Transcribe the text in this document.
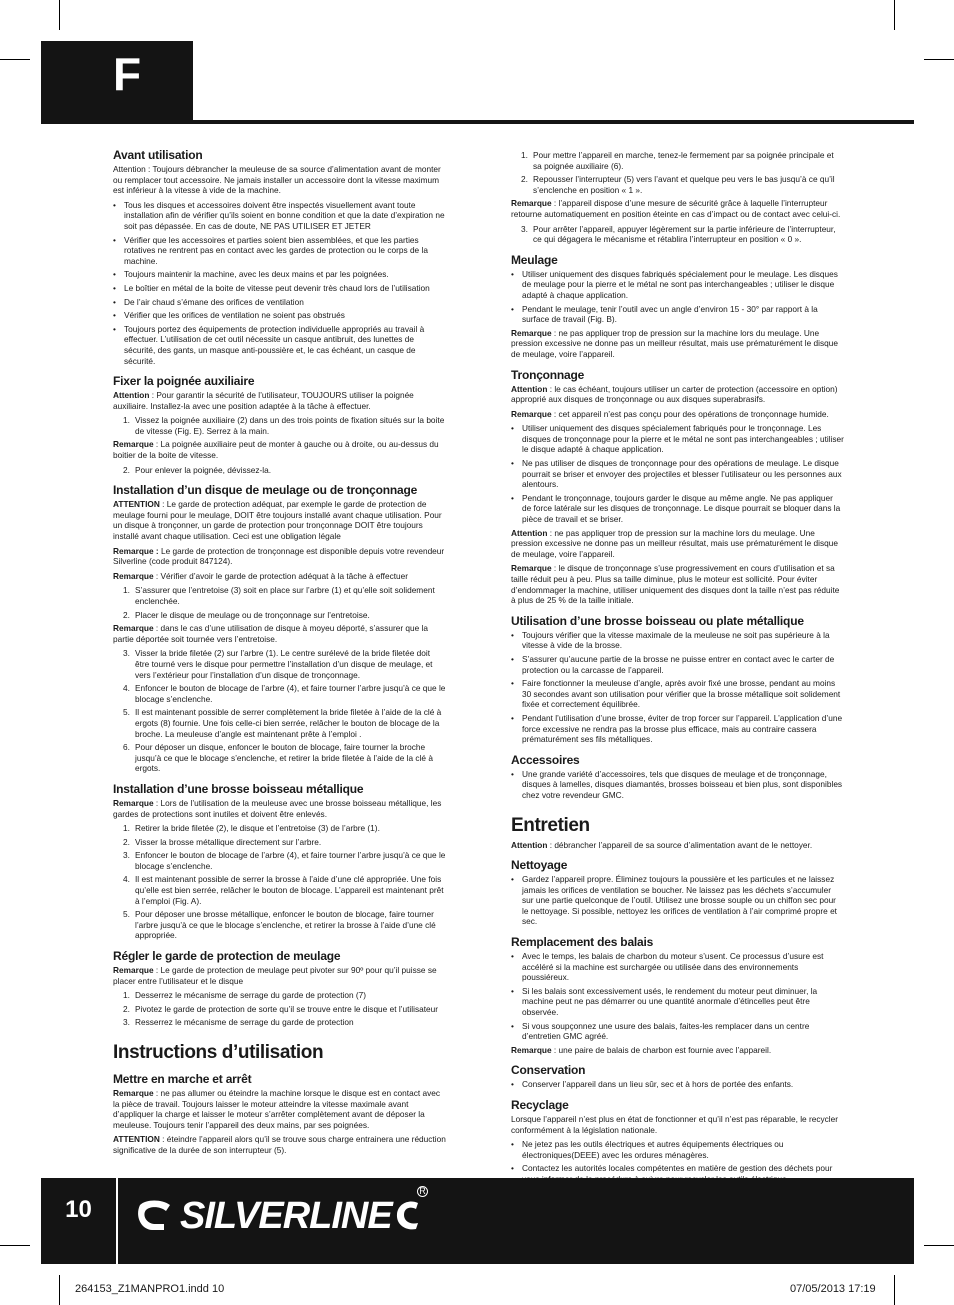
F
Avant utilisation

Attention : Toujours débrancher la meuleuse de sa source d’alimentation avant de monter ou remplacer tout accessoire. Ne jamais installer un accessoire dont la vitesse maximum est inférieur à la vitesse à vide de la machine.

• Tous les disques et accessoires doivent être inspectés visuellement avant toute installation afin de vérifier qu’ils soient en bonne condition et que la date d’expiration ne soit pas dépassée. En cas de doute, NE PAS UTILISER ET JETER
• Vérifier que les accessoires et parties soient bien assemblées, et que les parties rotatives ne rentrent pas en contact avec les gardes de protection ou le corps de la machine.
• Toujours maintenir la machine, avec les deux mains et par les poignées.
• Le boîtier en métal de la boite de vitesse peut devenir très chaud lors de l’utilisation
• De l’air chaud s’émane des orifices de ventilation
• Vérifier que les orifices de ventilation ne soient pas obstrués
• Toujours portez des équipements de protection individuelle appropriés au travail à effectuer. L’utilisation de cet outil nécessite un casque antibruit, des lunettes de sécurité, des gants, un masque anti-poussière et, le cas échéant, un casque de sécurité.
Fixer la poignée auxiliaire

Attention : Pour garantir la sécurité de l’utilisateur, TOUJOURS utiliser la poignée auxiliaire. Installez-la avec une position adaptée à la tâche à effectuer.

1. Vissez la poignée auxiliaire (2) dans un des trois points de fixation situés sur la boite de vitesse (Fig. E). Serrez à la main.

Remarque : La poignée auxiliaire peut de monter à gauche ou à droite, ou au-dessus du boitier de la boite de vitesse.

2. Pour enlever la poignée, dévissez-la.
Installation d’un disque de meulage ou de tronçonnage

ATTENTION : Le garde de protection adéquat, par exemple le garde de protection de meulage fourni pour le meulage, DOIT être toujours installé avant chaque utilisation. Pour un disque à tronçonner, un garde de protection pour tronçonnage DOIT être toujours installé avant chaque utilisation. Ceci est une obligation légale

Remarque : Le garde de protection de tronçonnage est disponible depuis votre revendeur Silverline (code produit 847124).

Remarque : Vérifier d’avoir le garde de protection adéquat à la tâche à effectuer

1. S’assurer que l’entretoise (3) soit en place sur l’arbre (1) et qu’elle soit solidement enclenchée.
2. Placer le disque de meulage ou de tronçonnage sur l’entretoise.

Remarque : dans le cas d’une utilisation de disque à moyeu déporté, s’assurer que la partie déportée soit tournée vers l’entretoise.

3. Visser la bride filetée (2) sur l’arbre (1). Le centre surélevé de la bride filetée doit être tourné vers le disque pour permettre l’installation d’un disque de meulage, et vers l’extérieur pour l’installation d’un disque de tronçonnage.
4. Enfoncer le bouton de blocage de l’arbre (4), et faire tourner l’arbre jusqu’à ce que le blocage s’enclenche.
5. Il est maintenant possible de serrer complètement la bride filetée à l’aide de la clé à ergots (8) fournie. Une fois celle-ci bien serrée, relâcher le bouton de blocage de la broche. La meuleuse d’angle est maintenant prête à l’emploi .
6. Pour déposer un disque, enfoncer le bouton de blocage, faire tourner la broche jusqu’à ce que le blocage s’enclenche, et retirer la bride filetée à l’aide de la clé à ergots.
Installation d’une brosse boisseau métallique

Remarque : Lors de l’utilisation de la meuleuse avec une brosse boisseau métallique, les gardes de protections sont inutiles et doivent être enlevés.

1. Retirer la bride filetée (2), le disque et l’entretoise (3) de l’arbre (1).
2. Visser la brosse métallique directement sur l’arbre.
3. Enfoncer le bouton de blocage de l’arbre (4), et faire tourner l’arbre jusqu’à ce que le blocage s’enclenche.
4. Il est maintenant possible de serrer la brosse à l’aide d’une clé appropriée. Une fois qu’elle est bien serrée, relâcher le bouton de blocage. L’appareil est maintenant prêt à l’emploi (Fig. A).
5. Pour déposer une brosse métallique, enfoncer le bouton de blocage, faire tourner l’arbre jusqu’à ce que le blocage s’enclenche, et retirer la brosse à l’aide d’une clé appropriée.
Régler le garde de protection de meulage

Remarque : Le garde de protection de meulage peut pivoter sur 90º pour qu’il puisse se placer entre l’utilisateur et le disque

1. Desserrez le mécanisme de serrage du garde de protection (7)
2. Pivotez le garde de protection de sorte qu’il se trouve entre le disque et l’utilisateur
3. Resserrez le mécanisme de serrage du garde de protection
Instructions d’utilisation
Mettre en marche et arrêt

Remarque : ne pas allumer ou éteindre la machine lorsque le disque est en contact avec la pièce de travail. Toujours laisser le moteur atteindre la vitesse maximale avant d’appliquer la charge et laisser le moteur s’arrêter complètement avant de déposer la meuleuse. Toujours tenir l’appareil des deux mains, par ses poignées.

ATTENTION : éteindre l’appareil alors qu’il se trouve sous charge entrainera une réduction significative de la durée de son interrupteur (5).

1. Pour mettre l’appareil en marche, tenez-le fermement par sa poignée principale et sa poignée auxiliaire (6).
2. Repousser l’interrupteur (5) vers l’avant et quelque peu vers le bas jusqu’à ce qu’il s’enclenche en position « 1 ».

Remarque : l’appareil dispose d’une mesure de sécurité grâce à laquelle l’interrupteur retourne automatiquement en position éteinte en cas d’impact ou de contact avec celui-ci.

3. Pour arrêter l’appareil, appuyer légèrement sur la partie inférieure de l’interrupteur, ce qui dégagera le mécanisme et rétablira l’interrupteur en position « 0 ».
Meulage
• Utiliser uniquement des disques fabriqués spécialement pour le meulage. Les disques de meulage pour la pierre et le métal ne sont pas interchangeables ; utiliser le disque adapté à chaque application.
• Pendant le meulage, tenir l’outil avec un angle d’environ 15 - 30° par rapport à la surface de travail (Fig. B).

Remarque : ne pas appliquer trop de pression sur la machine lors du meulage. Une pression excessive ne donne pas un meilleur résultat, mais use prématurément le disque de meulage, voire l’appareil.

Tronçonnage

Attention : le cas échéant, toujours utiliser un carter de protection (accessoire en option) approprié aux disques de tronçonnage ou aux disques superabrasifs.

Remarque : cet appareil n’est pas conçu pour des opérations de tronçonnage humide.

• Utiliser uniquement des disques spécialement fabriqués pour le tronçonnage. Les disques de tronçonnage pour la pierre et le métal ne sont pas interchangeables ; utiliser le disque adapté à chaque application.
• Ne pas utiliser de disques de tronçonnage pour des opérations de meulage. Le disque pourrait se briser et envoyer des projectiles et blesser l’utilisateur ou les personnes aux alentours.
• Pendant le tronçonnage, toujours garder le disque au même angle. Ne pas appliquer de force latérale sur les disques de tronçonnage. Le disque pourrait se bloquer dans la pièce de travail et se briser.

Attention : ne pas appliquer trop de pression sur la machine lors du meulage. Une pression excessive ne donne pas un meilleur résultat, mais use prématurément le disque de meulage, voire l’appareil.

Remarque : le disque de tronçonnage s’use progressivement en cours d’utilisation et sa taille réduit peu à peu. Plus sa taille diminue, plus le moteur est sollicité. Pour éviter d’endommager la machine, utiliser uniquement des disques dont la taille n’est pas réduite à plus de 25 % de la taille initiale.

Utilisation d’une brosse boisseau ou plate métallique
• Toujours vérifier que la vitesse maximale de la meuleuse ne soit pas supérieure à la vitesse à vide de la brosse.
• S’assurer qu’aucune partie de la brosse ne puisse entrer en contact avec le carter de protection ou la carcasse de l’appareil.
• Faire fonctionner la meuleuse d’angle, après avoir fixé une brosse, pendant au moins 30 secondes avant son utilisation pour vérifier que la brosse métallique soit solidement fixée et correctement équilibrée.
• Pendant l’utilisation d’une brosse, éviter de trop forcer sur l’appareil. L’application d’une force excessive ne rendra pas la brosse plus efficace, mais au contraire cassera prématurément ses fils métalliques.
Accessoires
• Une grande variété d’accessoires, tels que disques de meulage et de tronçonnage, disques à lamelles, disques diamantés, brosses boisseau et bien plus, sont disponibles chez votre revendeur GMC.
Entretien

Attention : débrancher l’appareil de sa source d’alimentation avant de le nettoyer.

Nettoyage
• Gardez l’appareil propre. Éliminez toujours la poussière et les particules et ne laissez jamais les orifices de ventilation se boucher. Ne laissez pas les déchets s’accumuler sur une partie quelconque de l’outil. Utilisez une brosse souple ou un chiffon sec pour le nettoyage. Si possible, nettoyez les orifices de ventilation à l’air comprimé propre et sec.
Remplacement des balais
• Avec le temps, les balais de charbon du moteur s’usent. Ce processus d’usure est accéléré si la machine est surchargée ou utilisée dans des environnements poussiéreux.
• Si les balais sont excessivement usés, le rendement du moteur peut diminuer, la machine peut ne pas démarrer ou une quantité anormale d’étincelles peut être observée.
• Si vous soupçonnez une usure des balais, faites-les remplacer dans un centre d’entretien GMC agréé.

Remarque : une paire de balais de charbon est fournie avec l’appareil.

Conservation
• Conserver l’appareil dans un lieu sûr, sec et à hors de portée des enfants.
Recyclage

Lorsque l’appareil n’est plus en état de fonctionner et qu’il n’est pas réparable, le recycler conformément à la législation nationale.

• Ne jetez pas les outils électriques et autres équipements électriques ou électroniques(DEEE) avec les ordures ménagères.
• Contactez les autorités locales compétentes en matière de gestion des déchets pour
10	SILVERLINE
R
264153_Z1MANPRO1.indd 10	07/05/2013 17:19
